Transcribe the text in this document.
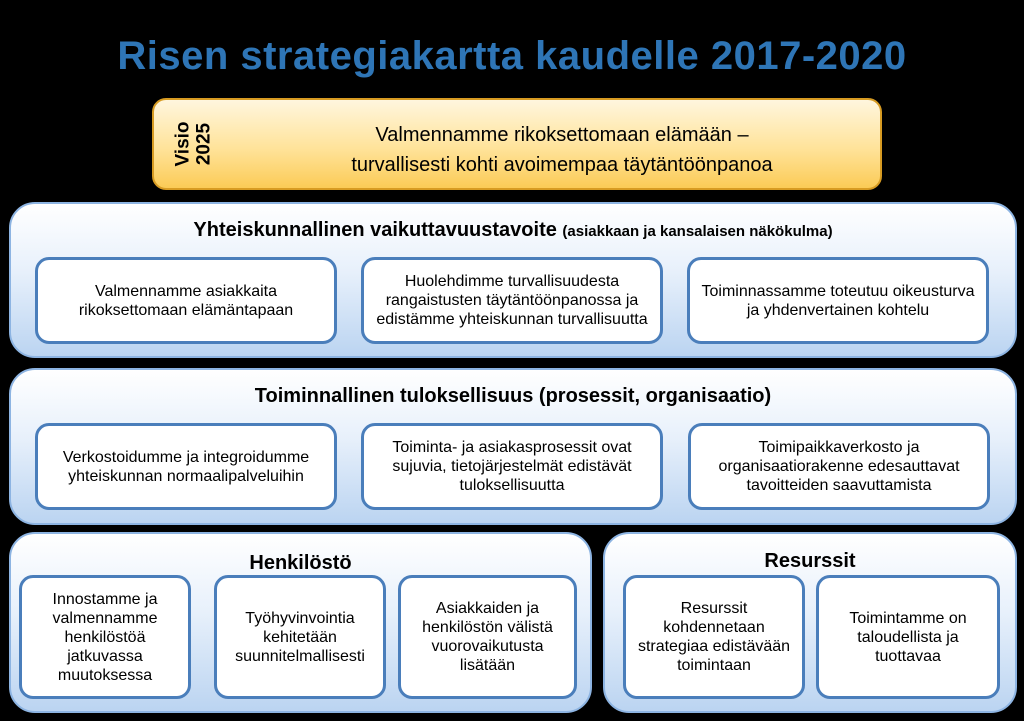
Risen strategiakartta kaudelle 2017-2020
Visio 2025	Valmennamme rikoksettomaan elämään –
turvallisesti kohti avoimempaa täytäntöönpanoa
Yhteiskunnallinen vaikuttavuustavoite (asiakkaan ja kansalaisen näkökulma)
Valmennamme asiakkaita rikoksettomaan elämäntapaan
Huolehdimme turvallisuudesta rangaistusten täytäntöönpanossa ja edistämme yhteiskunnan turvallisuutta
Toiminnassamme toteutuu oikeusturva ja yhdenvertainen kohtelu
Toiminnallinen tuloksellisuus (prosessit, organisaatio)
Verkostoidumme ja integroidumme yhteiskunnan normaalipalveluihin
Toiminta- ja asiakasprosessit ovat sujuvia, tietojärjestelmät edistävät tuloksellisuutta
Toimipaikkaverkosto ja organisaatiorakenne edesauttavat tavoitteiden saavuttamista
Henkilöstö
Innostamme ja valmennamme henkilöstöä jatkuvassa muutoksessa
Työhyvinvointia kehitetään suunnitelmallisesti
Asiakkaiden ja henkilöstön välistä vuorovaikutusta lisätään
Resurssit
Resurssit kohdennetaan strategiaa edistävään toimintaan
Toimintamme on taloudellista ja tuottavaa
